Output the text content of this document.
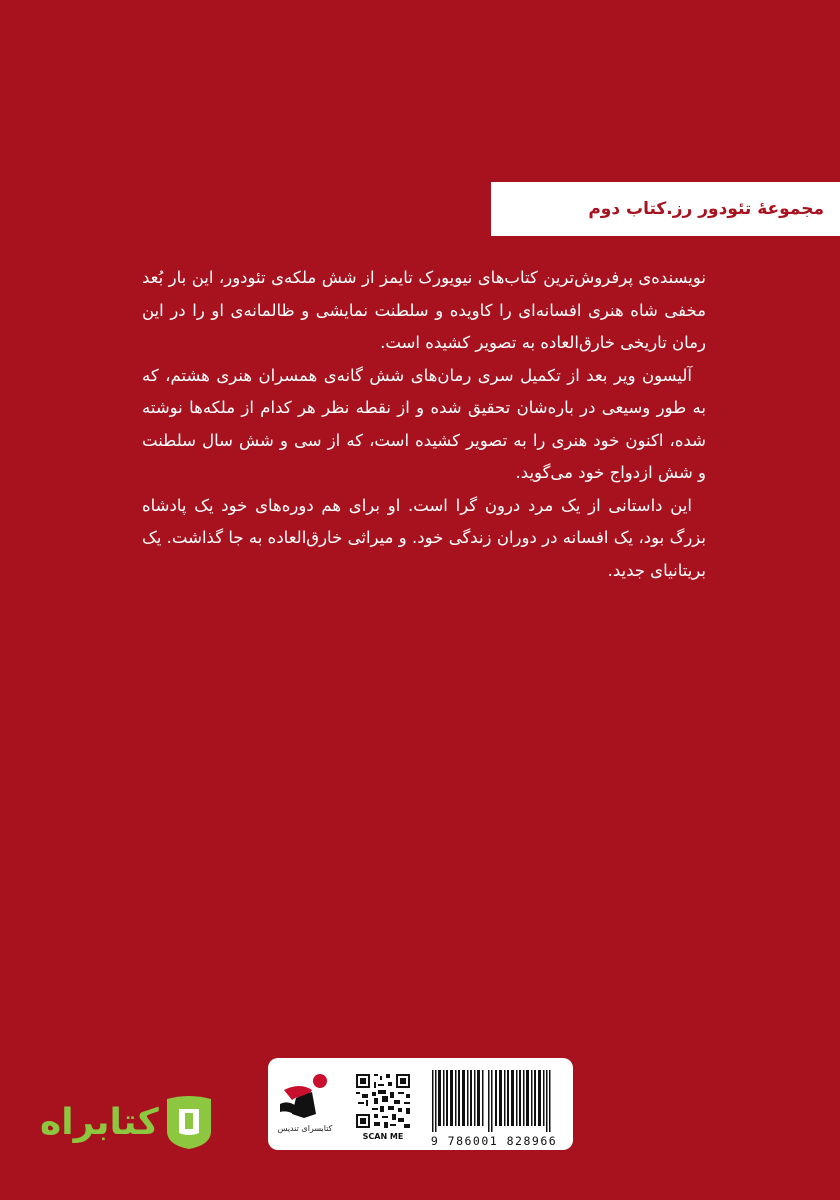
مجموعهٔ تئودور رز.کتاب دوم

نویسنده‌ی پرفروش‌ترین کتاب‌های نیویورک تایمز از شش ملکه‌ی تئودور، این بار بُعد مخفی شاه هنری افسانه‌ای را کاویده و سلطنت نمایشی و ظالمانه‌ی او را در این رمان تاریخی خارق‌العاده به تصویر کشیده است.

آلیسون ویر بعد از تکمیل سری رمان‌های شش گانه‌ی همسران هنری هشتم، که به طور وسیعی در باره‌شان تحقیق شده و از نقطه نظر هر کدام از ملکه‌ها نوشته شده، اکنون خود هنری را به تصویر کشیده است، که از سی و شش سال سلطنت و شش ازدواج خود می‌گوید.

این داستانی از یک مرد درون گرا است. او برای هم دوره‌های خود یک پادشاه بزرگ بود، یک افسانه در دوران زندگی خود. و میراثی خارق‌العاده به جا گذاشت. یک بریتانیای جدید.

کتابسرای تندیس
SCAN ME	9 786001 828966
کتابراه
